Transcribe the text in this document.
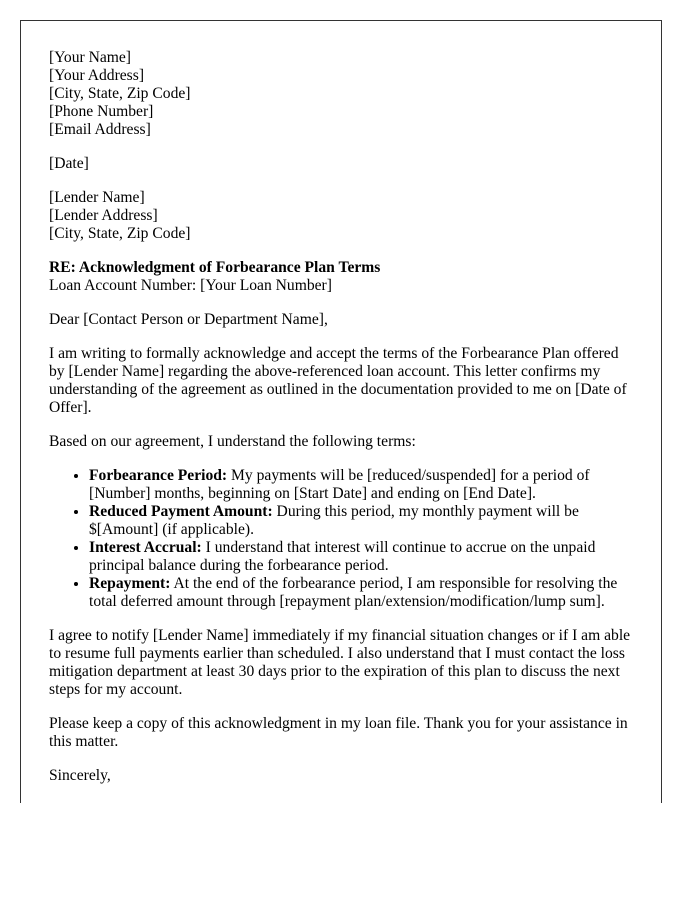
[Your Name]
[Your Address]
[City, State, Zip Code]
[Phone Number]
[Email Address]

[Date]

[Lender Name]
[Lender Address]
[City, State, Zip Code]

RE: Acknowledgment of Forbearance Plan Terms
Loan Account Number: [Your Loan Number]

Dear [Contact Person or Department Name],

I am writing to formally acknowledge and accept the terms of the Forbearance Plan offered by [Lender Name] regarding the above-referenced loan account. This letter confirms my understanding of the agreement as outlined in the documentation provided to me on [Date of Offer].

Based on our agreement, I understand the following terms:

• Forbearance Period: My payments will be [reduced/suspended] for a period of [Number] months, beginning on [Start Date] and ending on [End Date].
• Reduced Payment Amount: During this period, my monthly payment will be $[Amount] (if applicable).
• Interest Accrual: I understand that interest will continue to accrue on the unpaid principal balance during the forbearance period.
• Repayment: At the end of the forbearance period, I am responsible for resolving the total deferred amount through [repayment plan/extension/modification/lump sum].

I agree to notify [Lender Name] immediately if my financial situation changes or if I am able to resume full payments earlier than scheduled. I also understand that I must contact the loss mitigation department at least 30 days prior to the expiration of this plan to discuss the next steps for my account.

Please keep a copy of this acknowledgment in my loan file. Thank you for your assistance in this matter.

Sincerely,
